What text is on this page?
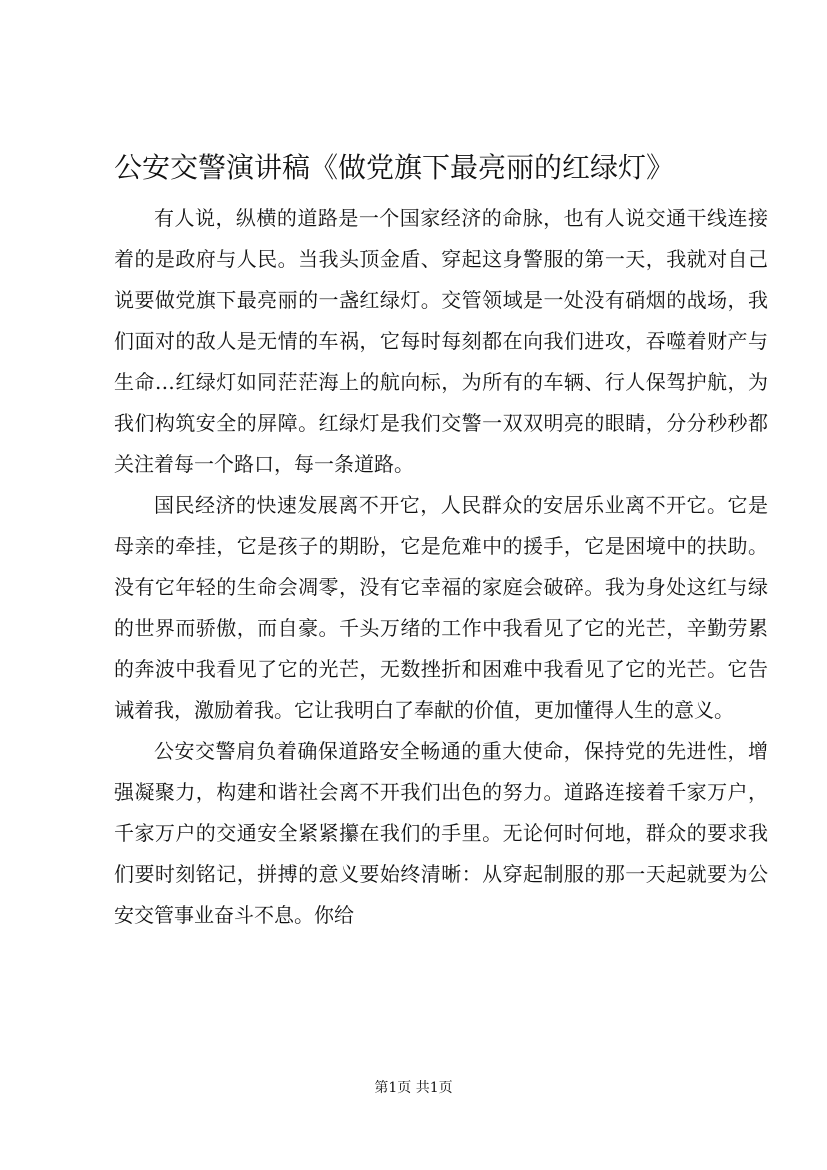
公安交警演讲稿《做党旗下最亮丽的红绿灯》

有人说，纵横的道路是一个国家经济的命脉，也有人说交通干线连接着的是政府与人民。当我头顶金盾、穿起这身警服的第一天，我就对自己说要做党旗下最亮丽的一盏红绿灯。交管领域是一处没有硝烟的战场，我们面对的敌人是无情的车祸，它每时每刻都在向我们进攻，吞噬着财产与生命…红绿灯如同茫茫海上的航向标，为所有的车辆、行人保驾护航，为我们构筑安全的屏障。红绿灯是我们交警一双双明亮的眼睛，分分秒秒都关注着每一个路口，每一条道路。

国民经济的快速发展离不开它，人民群众的安居乐业离不开它。它是母亲的牵挂，它是孩子的期盼，它是危难中的援手，它是困境中的扶助。没有它年轻的生命会凋零，没有它幸福的家庭会破碎。我为身处这红与绿的世界而骄傲，而自豪。千头万绪的工作中我看见了它的光芒，辛勤劳累的奔波中我看见了它的光芒，无数挫折和困难中我看见了它的光芒。它告诫着我，激励着我。它让我明白了奉献的价值，更加懂得人生的意义。

公安交警肩负着确保道路安全畅通的重大使命，保持党的先进性，增强凝聚力，构建和谐社会离不开我们出色的努力。道路连接着千家万户，千家万户的交通安全紧紧攥在我们的手里。无论何时何地，群众的要求我们要时刻铭记，拼搏的意义要始终清晰：从穿起制服的那一天起就要为公安交管事业奋斗不息。你给

第1页 共1页
